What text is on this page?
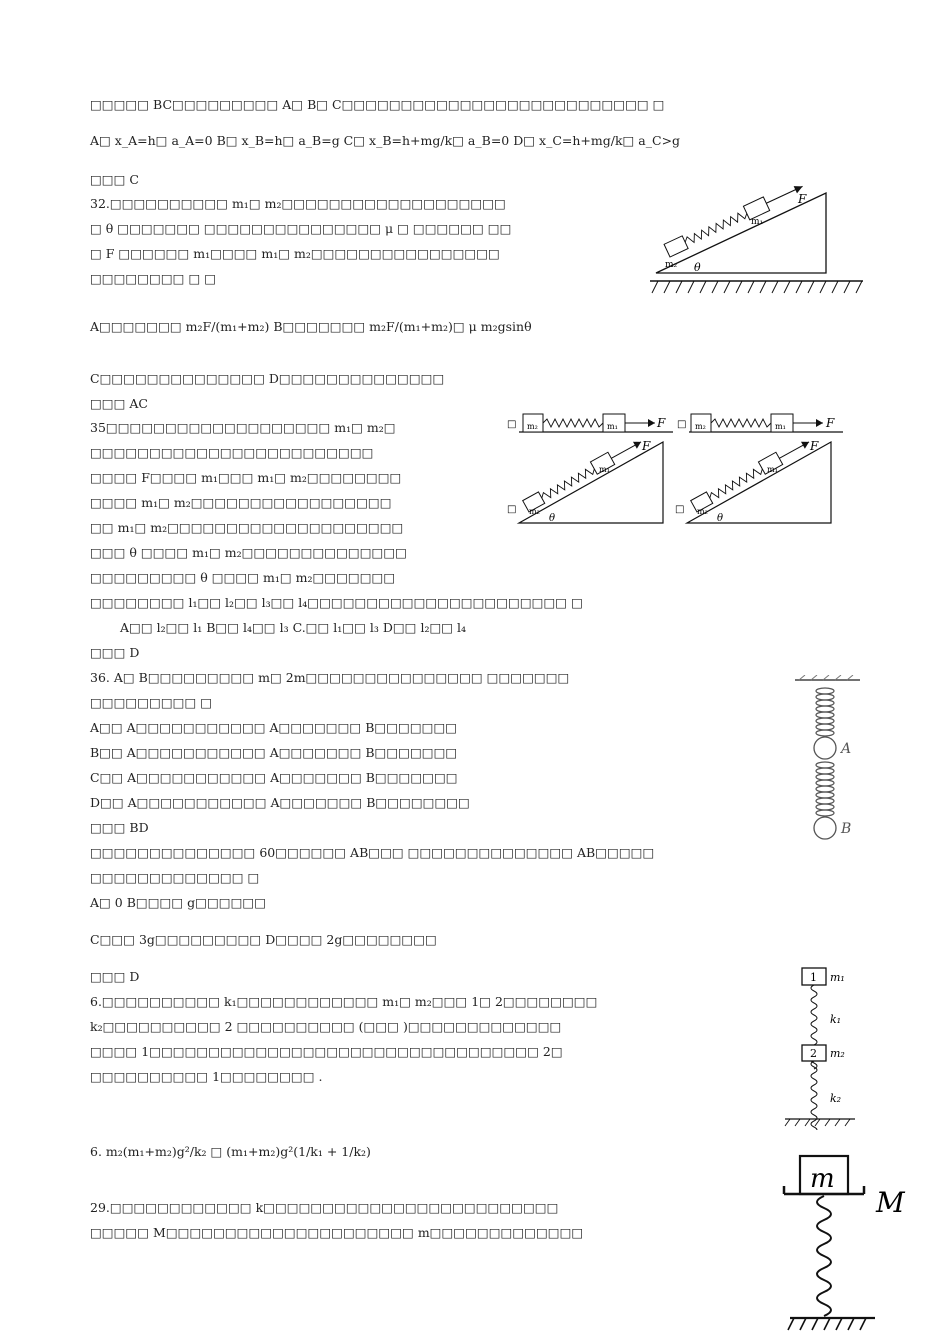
□□□□□ BC□□□□□□□□□ A□ B□ C□□□□□□□□□□□□□□□□□□□□□□□□□□ □
A□ x_A=h□ a_A=0 B□ x_B=h□ a_B=g C□ x_B=h+mg/k□ a_B=0 D□ x_C=h+mg/k□ a_C>g
□□□ C
32.□□□□□□□□□□ m₁□ m₂□□□□□□□□□□□□□□□□□□□
□ θ □□□□□□□ □□□□□□□□□□□□□□□ μ □ □□□□□□ □□
□ F □□□□□□ m₁□□□□ m₁□ m₂□□□□□□□□□□□□□□□□
□□□□□□□□ □ □
A□□□□□□□ m₂F/(m₁+m₂) B□□□□□□□ m₂F/(m₁+m₂)□ μ m₂gsinθ
C□□□□□□□□□□□□□□ D□□□□□□□□□□□□□□
□□□ AC
35□□□□□□□□□□□□□□□□□□□ m₁□ m₂□
□□□□□□□□□□□□□□□□□□□□□□□□
□□□□ F□□□□ m₁□□□ m₁□ m₂□□□□□□□□
□□□□ m₁□ m₂□□□□□□□□□□□□□□□□□
□□ m₁□ m₂□□□□□□□□□□□□□□□□□□□□
□□□ θ □□□□ m₁□ m₂□□□□□□□□□□□□□□
□□□□□□□□□ θ □□□□ m₁□ m₂□□□□□□□
□□□□□□□□ l₁□□ l₂□□ l₃□□ l₄□□□□□□□□□□□□□□□□□□□□□□ □
A□□ l₂□□ l₁ B□□ l₄□□ l₃ C.□□ l₁□□ l₃ D□□ l₂□□ l₄
□□□ D
36. A□ B□□□□□□□□□ m□ 2m□□□□□□□□□□□□□□□ □□□□□□□
□□□□□□□□□ □
A□□ A□□□□□□□□□□□ A□□□□□□□ B□□□□□□□
B□□ A□□□□□□□□□□□ A□□□□□□□ B□□□□□□□
C□□ A□□□□□□□□□□□ A□□□□□□□ B□□□□□□□
D□□ A□□□□□□□□□□□ A□□□□□□□ B□□□□□□□□
□□□ BD
□□□□□□□□□□□□□□ 60□□□□□□ AB□□□ □□□□□□□□□□□□□□ AB□□□□□
□□□□□□□□□□□□□ □
A□ 0 B□□□□ g□□□□□□
C□□□ 3g□□□□□□□□□ D□□□□ 2g□□□□□□□□
□□□ D
6.□□□□□□□□□□ k₁□□□□□□□□□□□□ m₁□ m₂□□□ 1□ 2□□□□□□□□
k₂□□□□□□□□□□ 2 □□□□□□□□□□ (□□□ )□□□□□□□□□□□□□
□□□□ 1□□□□□□□□□□□□□□□□□□□□□□□□□□□□□□□□□ 2□
□□□□□□□□□□ 1□□□□□□□□ .
6. m₂(m₁+m₂)g²/k₂ □ (m₁+m₂)g²(1/k₁ + 1/k₂)
29.□□□□□□□□□□□□ k□□□□□□□□□□□□□□□□□□□□□□□□□
□□□□□ M□□□□□□□□□□□□□□□□□□□□□ m□□□□□□□□□□□□□
m₂
m₁
F
θ
□ m₂	m₁	F □ m₂	m₁	F
□ m₂
m₁
F
θ
□ m₂
m₁
F
θ
A
B
1 m₁
k₁
2 m₂
k₂
m
M
